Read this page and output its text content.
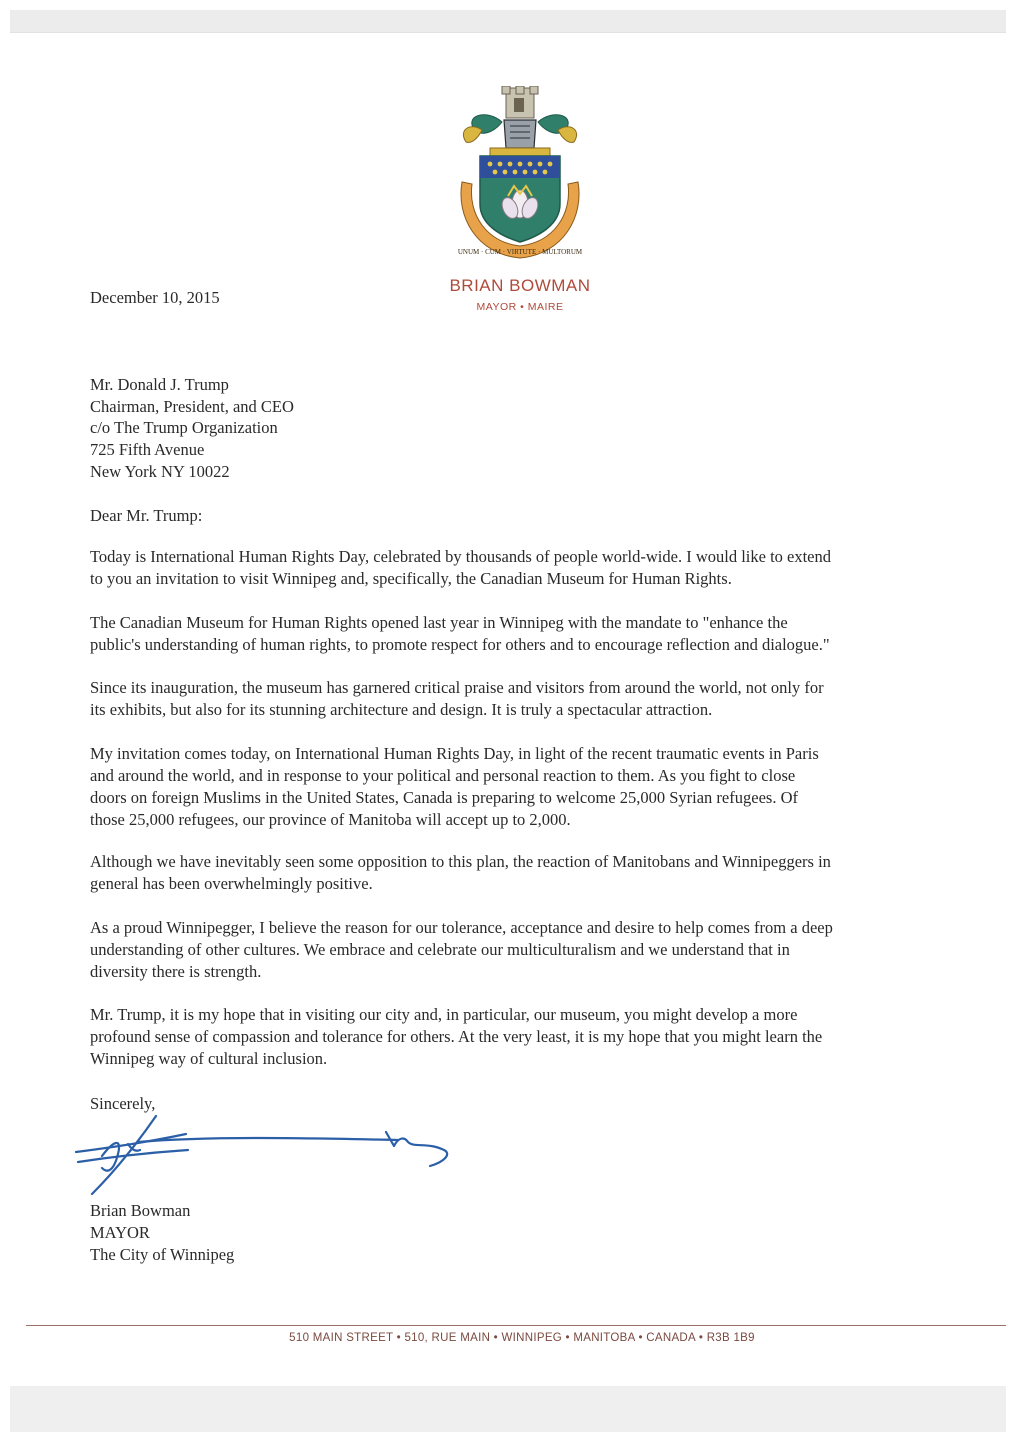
UNUM · CUM · VIRTUTE · MULTORUM
BRIAN BOWMAN
MAYOR • MAIRE
December 10, 2015
Mr. Donald J. Trump
Chairman, President, and CEO
c/o The Trump Organization
725 Fifth Avenue
New York NY 10022
Dear Mr. Trump:
Today is International Human Rights Day, celebrated by thousands of people world-wide. I would like to extend
to you an invitation to visit Winnipeg and, specifically, the Canadian Museum for Human Rights.
The Canadian Museum for Human Rights opened last year in Winnipeg with the mandate to "enhance the
public's understanding of human rights, to promote respect for others and to encourage reflection and dialogue."
Since its inauguration, the museum has garnered critical praise and visitors from around the world, not only for
its exhibits, but also for its stunning architecture and design. It is truly a spectacular attraction.
My invitation comes today, on International Human Rights Day, in light of the recent traumatic events in Paris
and around the world, and in response to your political and personal reaction to them. As you fight to close
doors on foreign Muslims in the United States, Canada is preparing to welcome 25,000 Syrian refugees. Of
those 25,000 refugees, our province of Manitoba will accept up to 2,000.
Although we have inevitably seen some opposition to this plan, the reaction of Manitobans and Winnipeggers in
general has been overwhelmingly positive.
As a proud Winnipegger, I believe the reason for our tolerance, acceptance and desire to help comes from a deep
understanding of other cultures. We embrace and celebrate our multiculturalism and we understand that in
diversity there is strength.
Mr. Trump, it is my hope that in visiting our city and, in particular, our museum, you might develop a more
profound sense of compassion and tolerance for others. At the very least, it is my hope that you might learn the
Winnipeg way of cultural inclusion.
Sincerely,
Brian Bowman
MAYOR
The City of Winnipeg
510 MAIN STREET • 510, RUE MAIN • WINNIPEG • MANITOBA • CANADA • R3B 1B9
